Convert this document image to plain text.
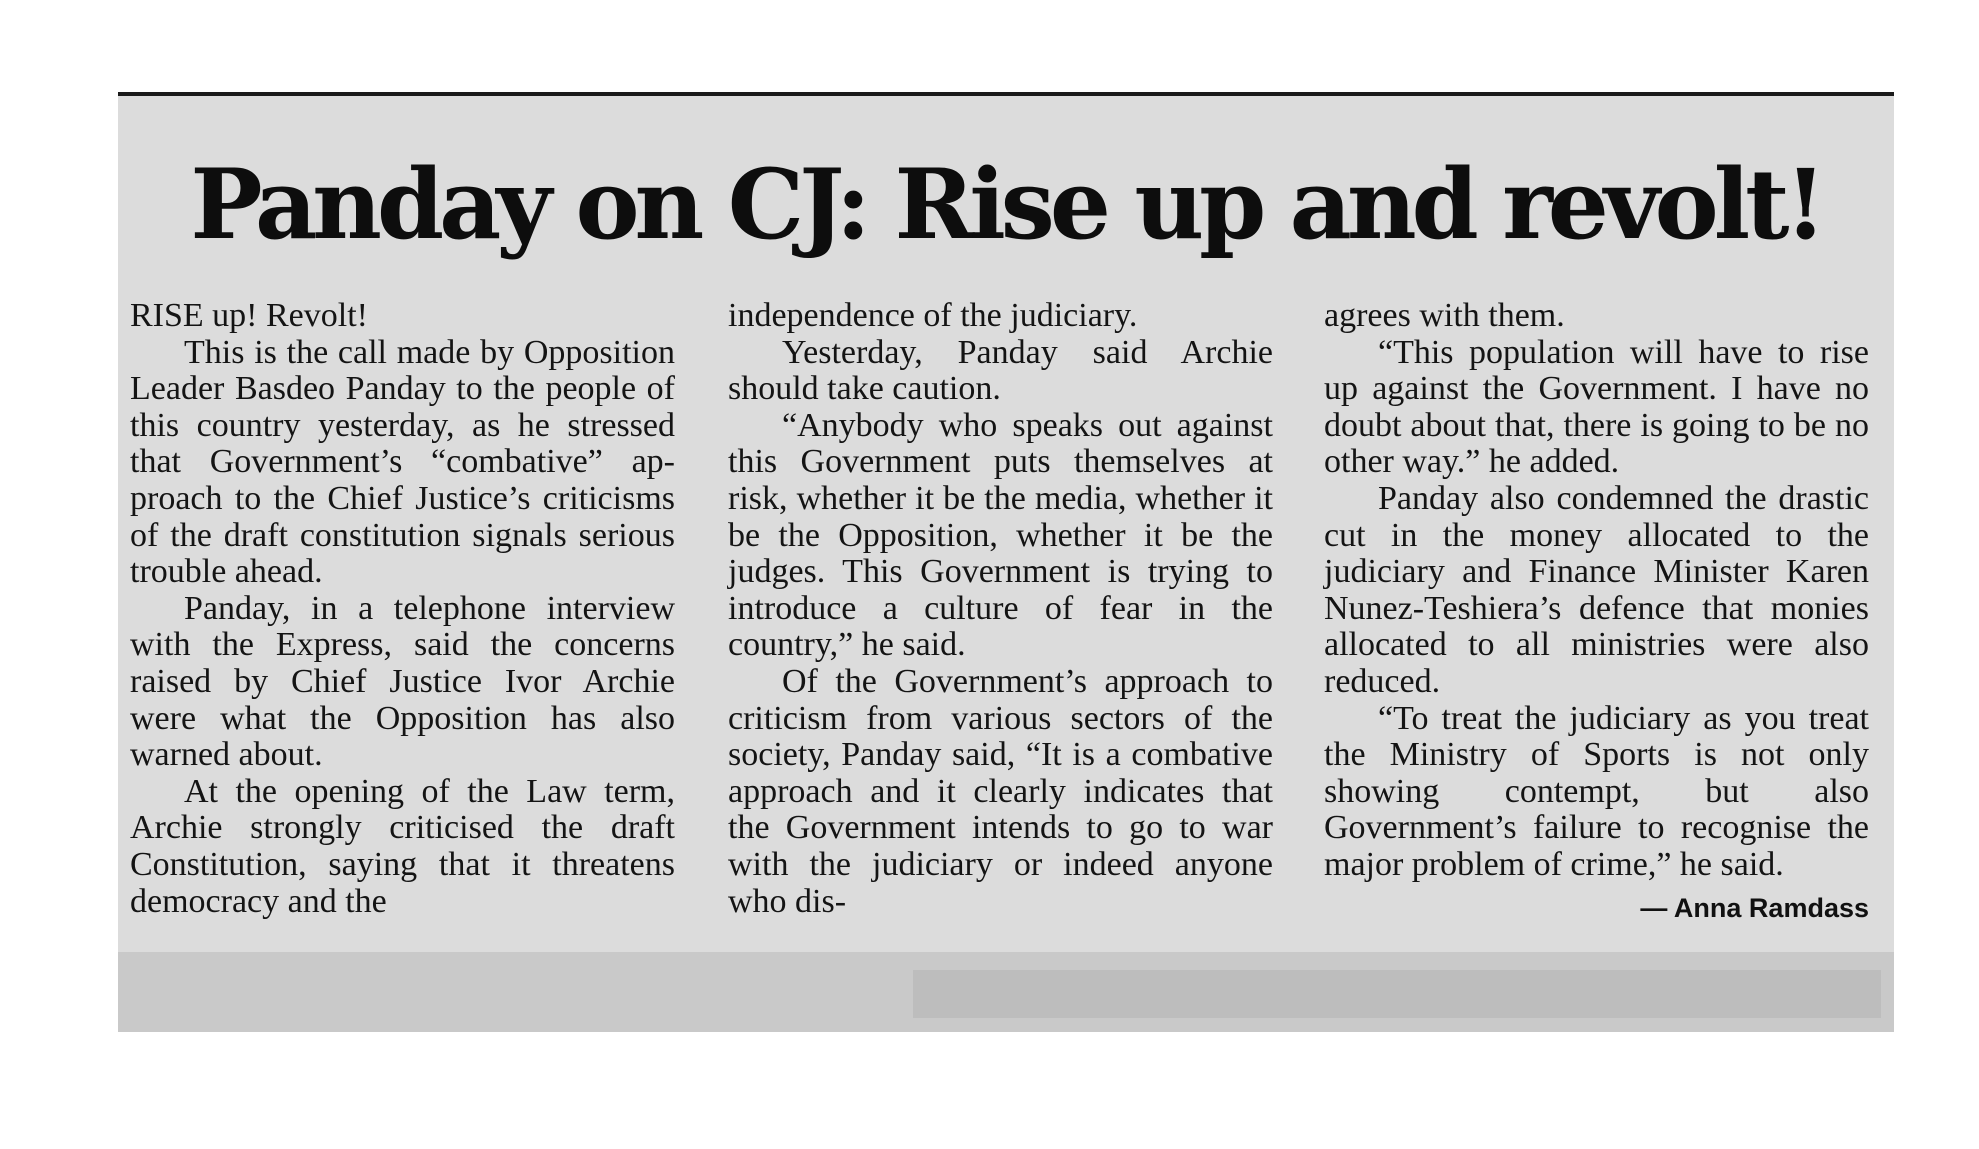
Panday on CJ: Rise up and revolt!

RISE up! Revolt!

This is the call made by Opposition Leader Basdeo Panday to the people of this country yesterday, as he stressed that Government’s “combative” approach to the Chief Justice’s criticisms of the draft constitution signals serious trouble ahead.

Panday, in a telephone interview with the Express, said the concerns raised by Chief Justice Ivor Archie were what the Opposition has also warned about.

At the opening of the Law term, Archie strongly criticised the draft Constitution, saying that it threatens democracy and the

independence of the judiciary.

Yesterday, Panday said Archie should take caution.

“Anybody who speaks out against this Government puts themselves at risk, whether it be the media, whether it be the Opposition, whether it be the judges. This Government is trying to introduce a culture of fear in the country,” he said.

Of the Government’s approach to criticism from various sectors of the society, Panday said, “It is a combative approach and it clearly indicates that the Government intends to go to war with the judiciary or indeed anyone who dis-

agrees with them.

“This population will have to rise up against the Government. I have no doubt about that, there is going to be no other way.” he added.

Panday also condemned the drastic cut in the money allocated to the judiciary and Finance Minister Karen Nunez-Teshiera’s defence that monies allocated to all ministries were also reduced.

“To treat the judiciary as you treat the Ministry of Sports is not only showing contempt, but also Government’s failure to recognise the major problem of crime,” he said.

— Anna Ramdass
